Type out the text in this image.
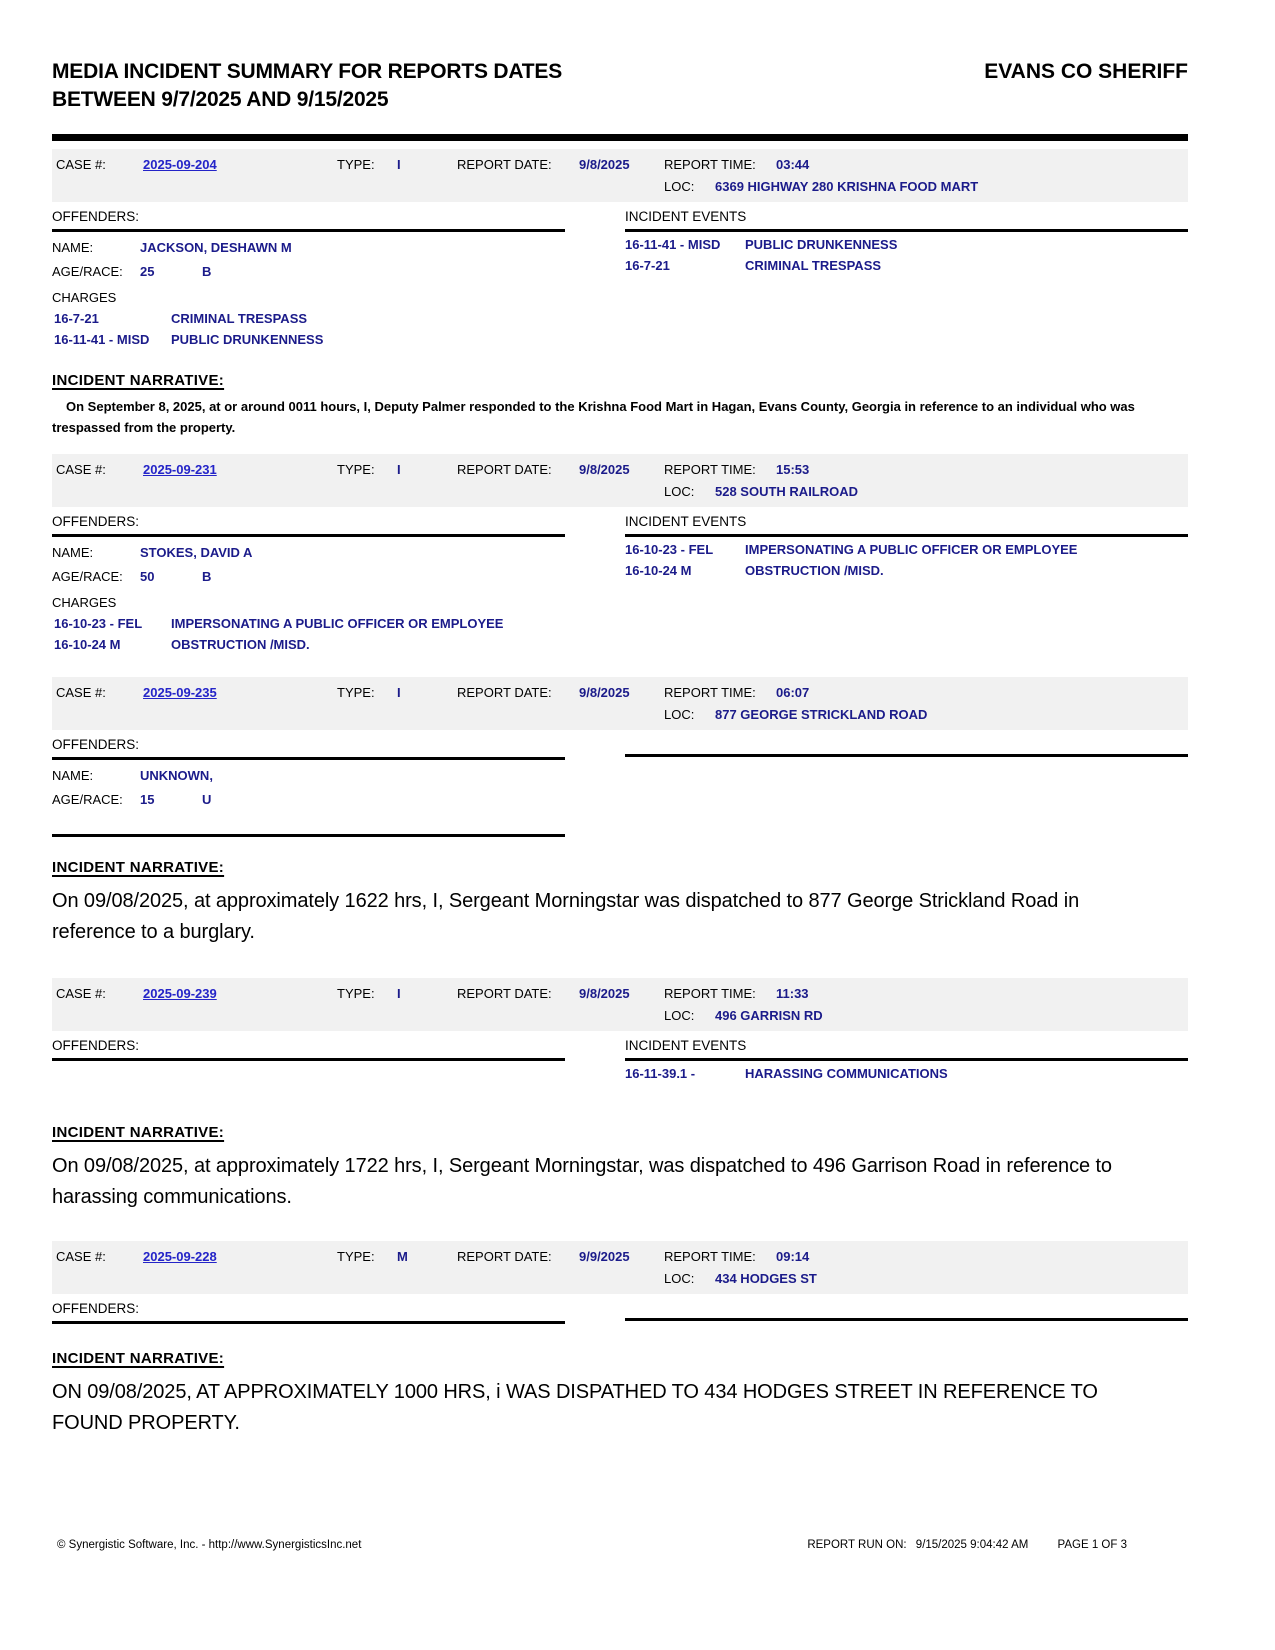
MEDIA INCIDENT SUMMARY FOR REPORTS DATES
BETWEEN 9/7/2025 AND 9/15/2025
EVANS CO SHERIFF
CASE #:	2025-09-204	TYPE:	I	REPORT DATE:	9/8/2025	REPORT TIME:	03:44
LOC:	6369 HIGHWAY 280 KRISHNA FOOD MART
OFFENDERS:
NAME:	JACKSON, DESHAWN M
AGE/RACE:	25	B
CHARGES
16-7-21	CRIMINAL TRESPASS
16-11-41 - MISD	PUBLIC DRUNKENNESS
INCIDENT EVENTS
16-11-41 - MISD	PUBLIC DRUNKENNESS
16-7-21	CRIMINAL TRESPASS
INCIDENT NARRATIVE:
On September 8, 2025, at or around 0011 hours, I, Deputy Palmer responded to the Krishna Food Mart in Hagan, Evans County, Georgia in reference to an individual who was trespassed from the property.
CASE #:	2025-09-231	TYPE:	I	REPORT DATE:	9/8/2025	REPORT TIME:	15:53
LOC:	528 SOUTH RAILROAD
OFFENDERS:
NAME:	STOKES, DAVID A
AGE/RACE:	50	B
CHARGES
16-10-23 - FEL	IMPERSONATING A PUBLIC OFFICER OR EMPLOYEE
16-10-24 M	OBSTRUCTION /MISD.
INCIDENT EVENTS
16-10-23 - FEL	IMPERSONATING A PUBLIC OFFICER OR EMPLOYEE
16-10-24 M	OBSTRUCTION /MISD.
CASE #:	2025-09-235	TYPE:	I	REPORT DATE:	9/8/2025	REPORT TIME:	06:07
LOC:	877 GEORGE STRICKLAND ROAD
OFFENDERS:
NAME:	UNKNOWN,
AGE/RACE:	15	U
INCIDENT NARRATIVE:
On 09/08/2025, at approximately 1622 hrs, I, Sergeant Morningstar was dispatched to 877 George Strickland Road in reference to a burglary.
CASE #:	2025-09-239	TYPE:	I	REPORT DATE:	9/8/2025	REPORT TIME:	11:33
LOC:	496 GARRISN RD
OFFENDERS:	INCIDENT EVENTS
16-11-39.1 -	HARASSING COMMUNICATIONS
INCIDENT NARRATIVE:
On 09/08/2025, at approximately 1722 hrs, I, Sergeant Morningstar, was dispatched to 496 Garrison Road in reference to harassing communications.
CASE #:	2025-09-228	TYPE:	M	REPORT DATE:	9/9/2025	REPORT TIME:	09:14
LOC:	434 HODGES ST
OFFENDERS:
INCIDENT NARRATIVE:
ON 09/08/2025, AT APPROXIMATELY 1000 HRS, i WAS DISPATHED TO 434 HODGES STREET IN REFERENCE TO FOUND PROPERTY.
© Synergistic Software, Inc. - http://www.SynergisticsInc.net	REPORT RUN ON: 9/15/2025 9:04:42 AM	PAGE 1 OF 3
